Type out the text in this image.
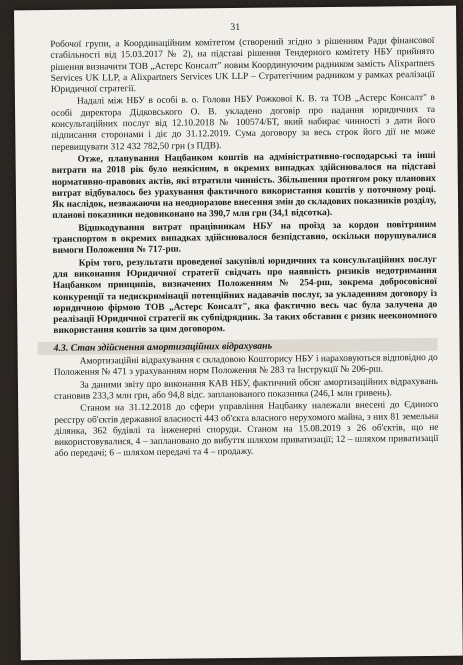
31

Робочої групи, а Координаційним комітетом (створений згідно з рішенням Ради фінансової стабільності від 15.03.2017 № 2), на підставі рішення Тендерного комітету НБУ прийнято рішення визначити ТОВ „Астерс Консалт" новим Координуючим радником замість Alixpartners Services UK LLP, а Alixpartners Services UK LLP – Стратегічним радником у рамках реалізації Юридичної стратегії.

Надалі між НБУ в особі в. о. Голови НБУ Рожкової К. В. та ТОВ „Астерс Консалт" в особі директора Дідковського О. В. укладено договір про надання юридичних та консультаційних послуг від 12.10.2018 № 100574/БТ, який набирає чинності з дати його підписання сторонами і діє до 31.12.2019. Сума договору за весь строк його дії не може перевищувати 312 432 782,50 грн (з ПДВ).

Отже, планування Нацбанком коштів на адміністративно-господарські та інші витрати на 2018 рік було неякісним, в окремих випадках здійснювалося на підставі нормативно-правових актів, які втратили чинність. Збільшення протягом року планових витрат відбувалось без урахування фактичного використання коштів у поточному році. Як наслідок, незважаючи на неодноразове внесення змін до складових показників розділу, планові показники недовиконано на 390,7 млн грн (34,1 відсотка).

Відшкодування витрат працівникам НБУ на проїзд за кордон повітряним транспортом в окремих випадках здійснювалося безпідставно, оскільки порушувалися вимоги Положення № 717-рш.

Крім того, результати проведеної закупівлі юридичних та консультаційних послуг для виконання Юридичної стратегії свідчать про наявність ризиків недотримання Нацбанком принципів, визначених Положенням № 254-рш, зокрема добросовісної конкуренції та недискримінації потенційних надавачів послуг, за укладенням договору із юридичною фірмою ТОВ „Астерс Консалт", яка фактично весь час була залучена до реалізації Юридичної стратегії як субпідрядник. За таких обставин є ризик неекономного використання коштів за цим договором.

4.3. Стан здійснення амортизаційних відрахувань

Амортизаційні відрахування є складовою Кошторису НБУ і нараховуються відповідно до Положення № 471 з урахуванням норм Положення № 283 та Інструкції № 206-рш.

За даними звіту про виконання КАВ НБУ, фактичний обсяг амортизаційних відрахувань становив 233,3 млн грн, або 94,8 відс. запланованого показника (246,1 млн гривень).

Станом на 31.12.2018 до сфери управління Нацбанку належали внесені до Єдиного реєстру об'єктів державної власності 443 об'єкта власного нерухомого майна, з них 81 земельна ділянка, 362 будівлі та інженерні споруди. Станом на 15.08.2019 з 26 об'єктів, що не використовувалися, 4 – заплановано до вибуття шляхом приватизації; 12 – шляхом приватизації або передачі; 6 – шляхом передачі та 4 – продажу.
